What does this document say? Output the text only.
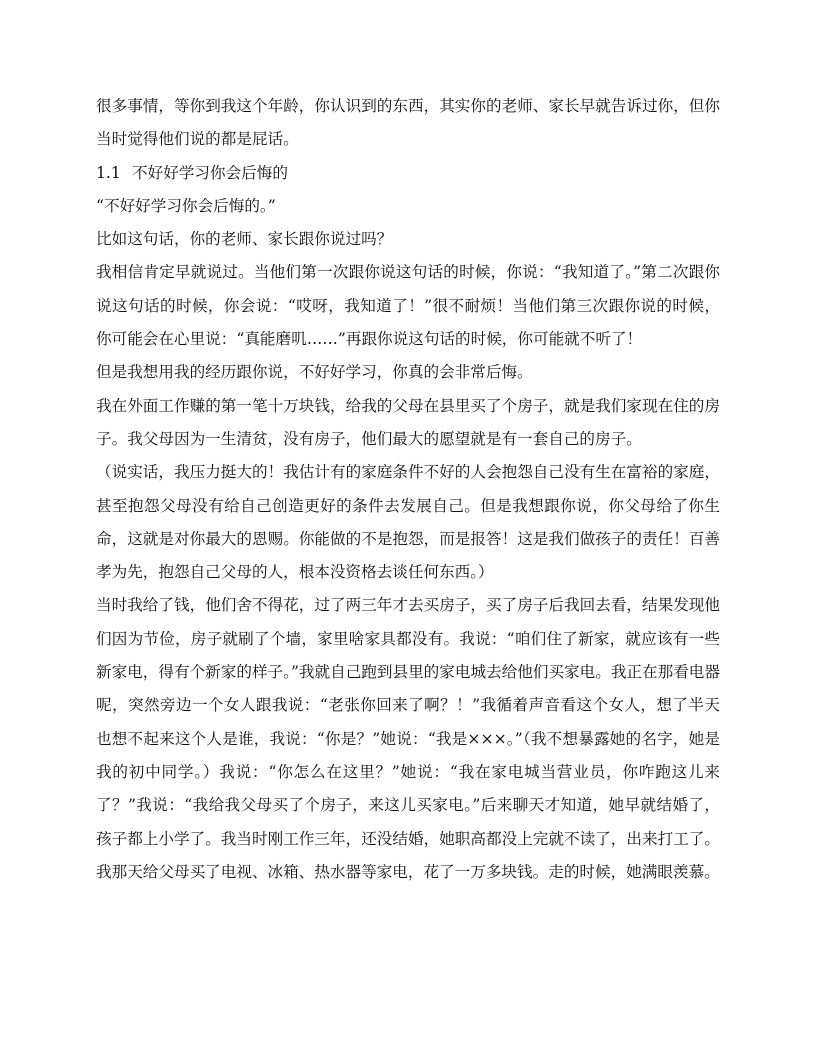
很多事情，等你到我这个年龄，你认识到的东西，其实你的老师、家长早就告诉过你，但你当时觉得他们说的都是屁话。

1.1 不好好学习你会后悔的

“不好好学习你会后悔的。”

比如这句话，你的老师、家长跟你说过吗？

我相信肯定早就说过。当他们第一次跟你说这句话的时候，你说：“我知道了。”第二次跟你说这句话的时候，你会说：“哎呀，我知道了！”很不耐烦！当他们第三次跟你说的时候，你可能会在心里说：“真能磨叽……”再跟你说这句话的时候，你可能就不听了！

但是我想用我的经历跟你说，不好好学习，你真的会非常后悔。

我在外面工作赚的第一笔十万块钱，给我的父母在县里买了个房子，就是我们家现在住的房子。我父母因为一生清贫，没有房子，他们最大的愿望就是有一套自己的房子。

（说实话，我压力挺大的！我估计有的家庭条件不好的人会抱怨自己没有生在富裕的家庭，甚至抱怨父母没有给自己创造更好的条件去发展自己。但是我想跟你说，你父母给了你生命，这就是对你最大的恩赐。你能做的不是抱怨，而是报答！这是我们做孩子的责任！百善孝为先，抱怨自己父母的人，根本没资格去谈任何东西。）

当时我给了钱，他们舍不得花，过了两三年才去买房子，买了房子后我回去看，结果发现他们因为节俭，房子就刷了个墙，家里啥家具都没有。我说：“咱们住了新家，就应该有一些新家电，得有个新家的样子。”我就自己跑到县里的家电城去给他们买家电。我正在那看电器呢，突然旁边一个女人跟我说：“老张你回来了啊？！”我循着声音看这个女人，想了半天也想不起来这个人是谁，我说：“你是？”她说：“我是×××。”（我不想暴露她的名字，她是我的初中同学。）我说：“你怎么在这里？”她说：“我在家电城当营业员，你咋跑这儿来了？”我说：“我给我父母买了个房子，来这儿买家电。”后来聊天才知道，她早就结婚了，孩子都上小学了。我当时刚工作三年，还没结婚，她职高都没上完就不读了，出来打工了。我那天给父母买了电视、冰箱、热水器等家电，花了一万多块钱。走的时候，她满眼羡慕。
